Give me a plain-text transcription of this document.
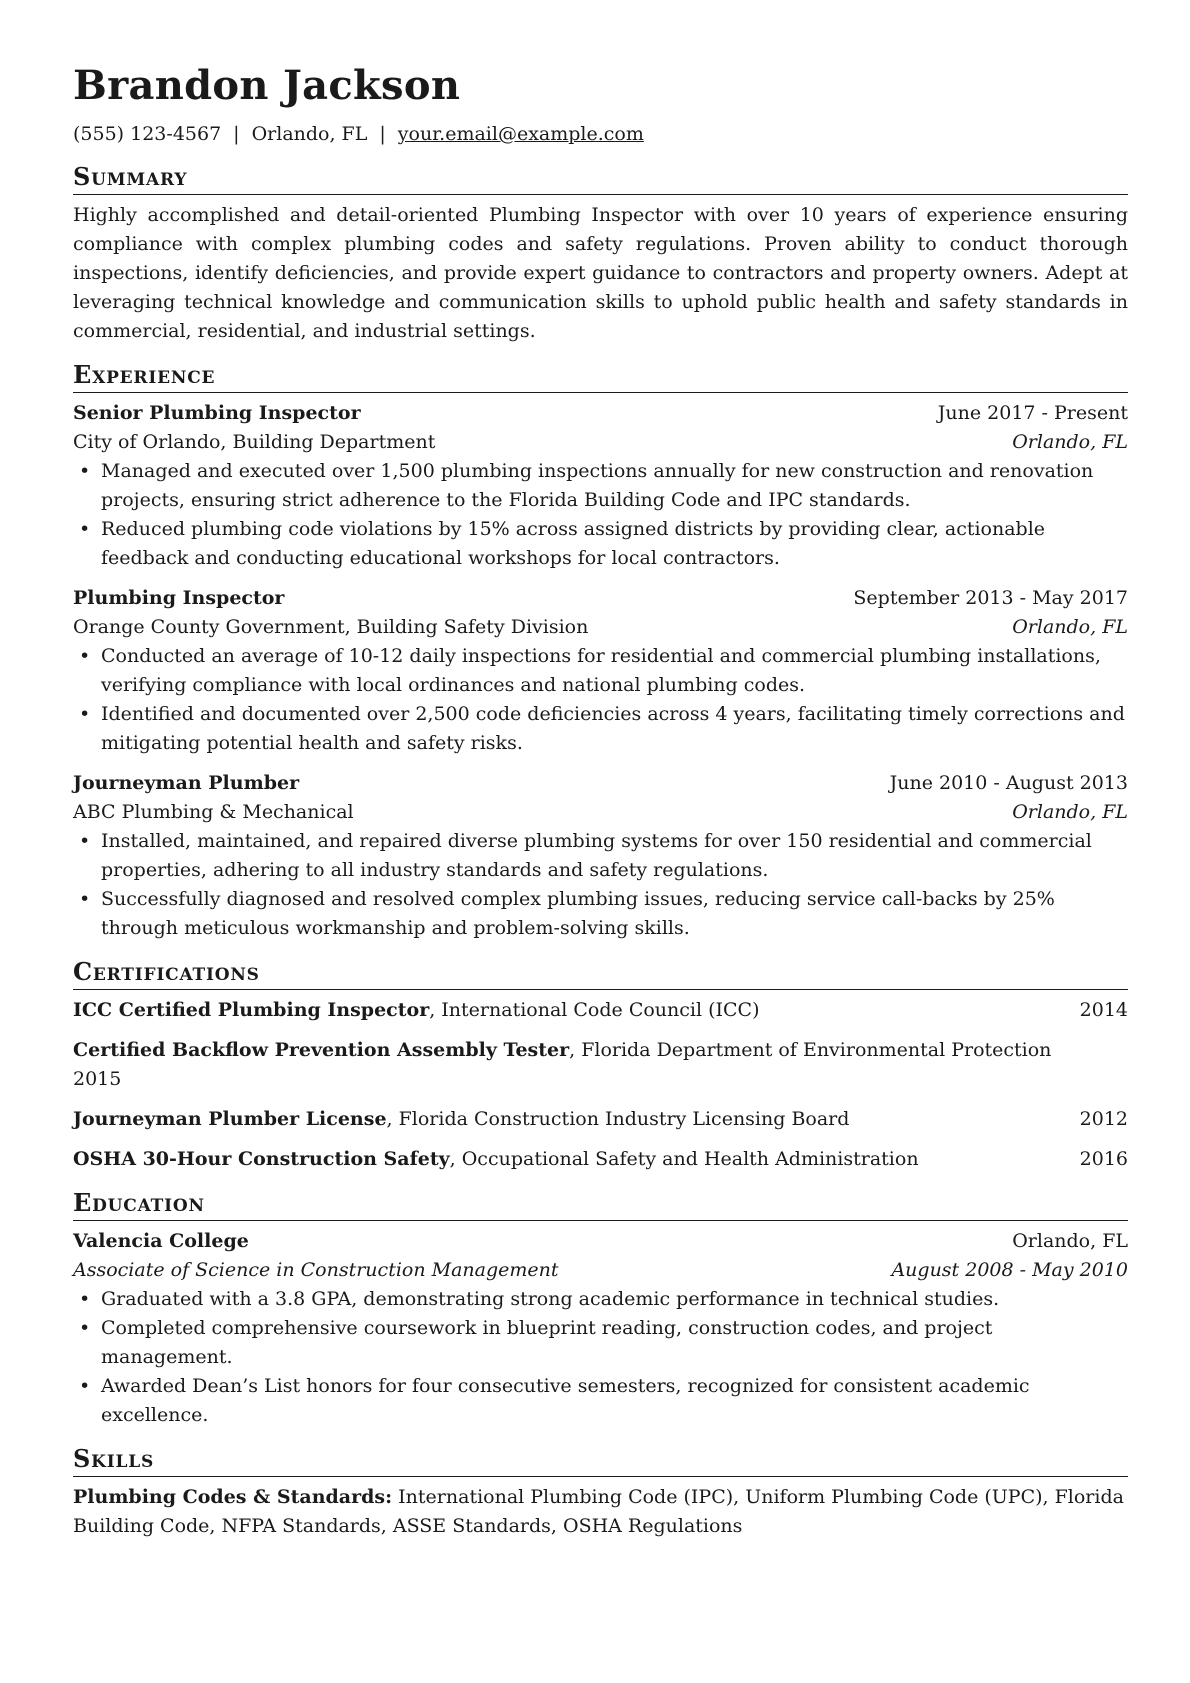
Brandon Jackson
(555) 123-4567 | Orlando, FL | your.email@example.com
Summary

Highly accomplished and detail-oriented Plumbing Inspector with over 10 years of experience ensuring compliance with complex plumbing codes and safety regulations. Proven ability to conduct thorough inspections, identify deficiencies, and provide expert guidance to contractors and property owners. Adept at leveraging technical knowledge and communication skills to uphold public health and safety standards in commercial, residential, and industrial settings.

Experience
Senior Plumbing Inspector	June 2017 - Present
City of Orlando, Building Department	Orlando, FL
• Managed and executed over 1,500 plumbing inspections annually for new construction and renovation projects, ensuring strict adherence to the Florida Building Code and IPC standards.
• Reduced plumbing code violations by 15% across assigned districts by providing clear, actionable feedback and conducting educational workshops for local contractors.
Plumbing Inspector	September 2013 - May 2017
Orange County Government, Building Safety Division	Orlando, FL
• Conducted an average of 10-12 daily inspections for residential and commercial plumbing installations, verifying compliance with local ordinances and national plumbing codes.
• Identified and documented over 2,500 code deficiencies across 4 years, facilitating timely corrections and mitigating potential health and safety risks.
Journeyman Plumber	June 2010 - August 2013
ABC Plumbing & Mechanical	Orlando, FL
• Installed, maintained, and repaired diverse plumbing systems for over 150 residential and commercial properties, adhering to all industry standards and safety regulations.
• Successfully diagnosed and resolved complex plumbing issues, reducing service call-backs by 25% through meticulous workmanship and problem-solving skills.
Certifications
ICC Certified Plumbing Inspector, International Code Council (ICC)	2014
Certified Backflow Prevention Assembly Tester, Florida Department of Environmental Protection
2015
Journeyman Plumber License, Florida Construction Industry Licensing Board	2012
OSHA 30-Hour Construction Safety, Occupational Safety and Health Administration	2016
Education
Valencia College	Orlando, FL
Associate of Science in Construction Management	August 2008 - May 2010
• Graduated with a 3.8 GPA, demonstrating strong academic performance in technical studies.
• Completed comprehensive coursework in blueprint reading, construction codes, and project management.
• Awarded Dean’s List honors for four consecutive semesters, recognized for consistent academic excellence.
Skills
Plumbing Codes & Standards: International Plumbing Code (IPC), Uniform Plumbing Code (UPC), Florida Building Code, NFPA Standards, ASSE Standards, OSHA Regulations
